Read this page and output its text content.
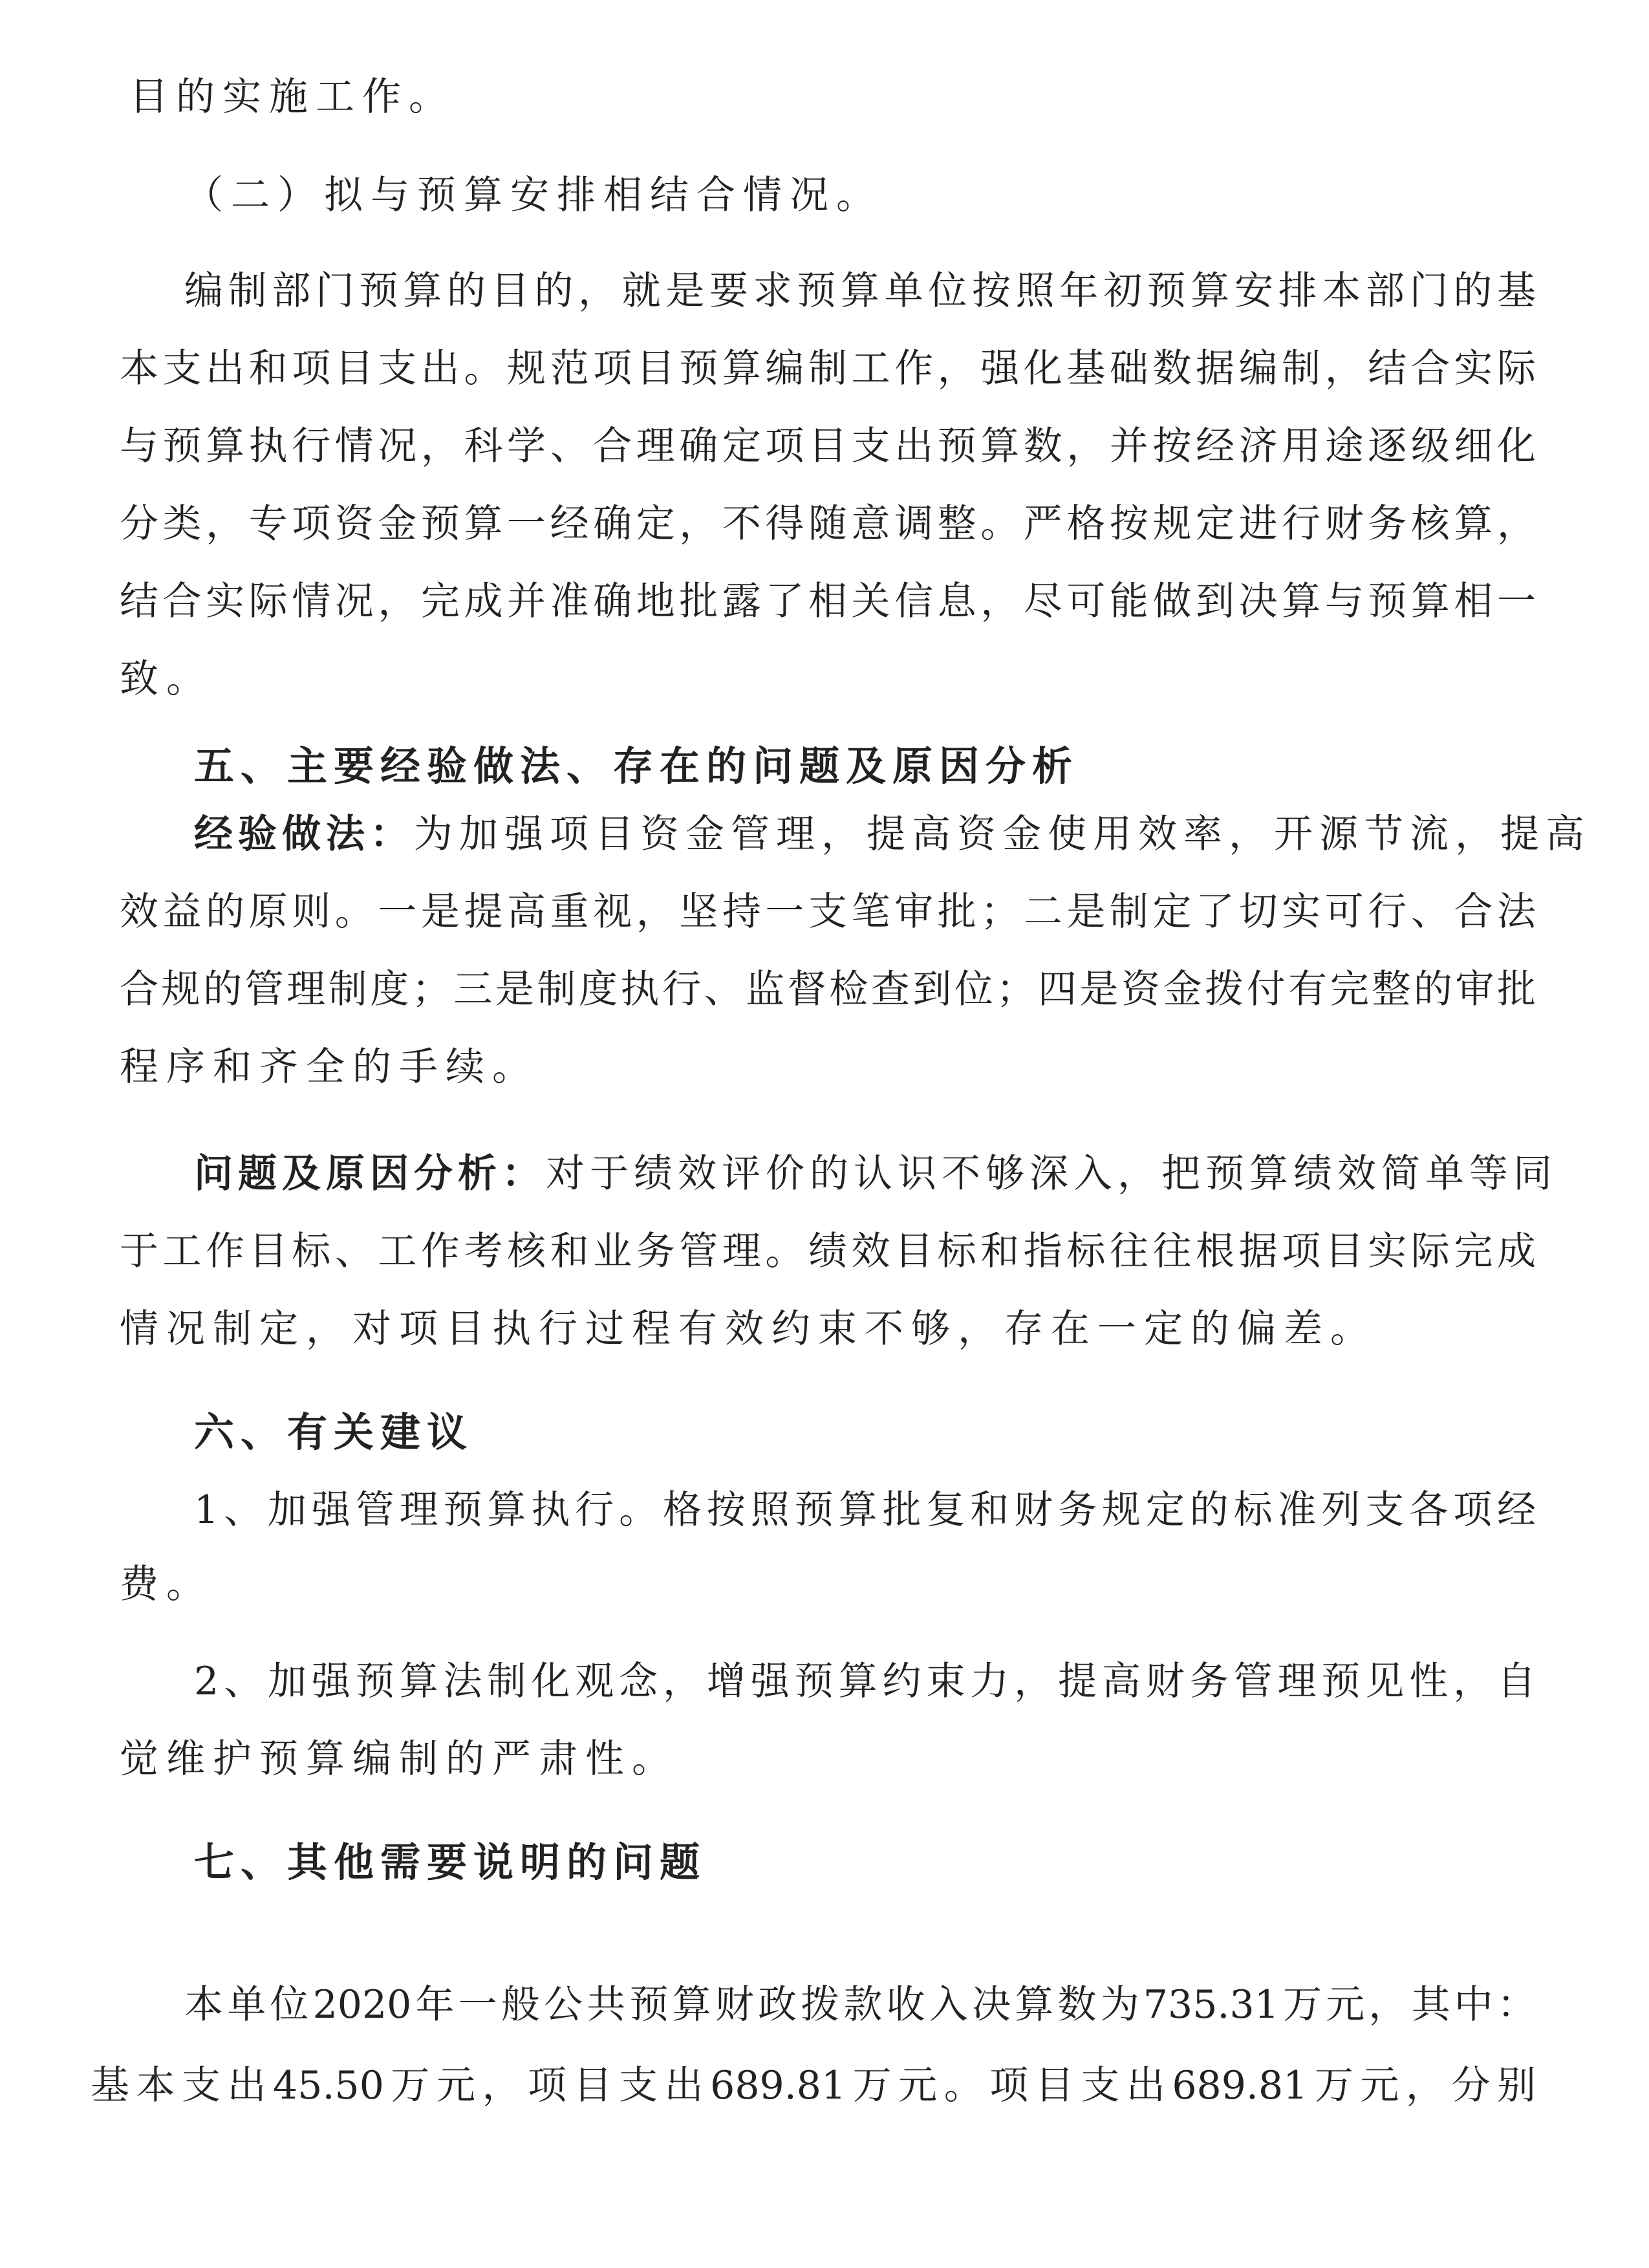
目的实施工作。
（二）拟与预算安排相结合情况。
编制部门预算的目的，就是要求预算单位按照年初预算安排本部门的基
本支出和项目支出。规范项目预算编制工作，强化基础数据编制，结合实际
与预算执行情况，科学、合理确定项目支出预算数，并按经济用途逐级细化
分类，专项资金预算一经确定，不得随意调整。严格按规定进行财务核算，
结合实际情况，完成并准确地批露了相关信息，尽可能做到决算与预算相一
致。
五、主要经验做法、存在的问题及原因分析
经验做法：为加强项目资金管理，提高资金使用效率，开源节流，提高
效益的原则。一是提高重视，坚持一支笔审批；二是制定了切实可行、合法
合规的管理制度；三是制度执行、监督检查到位；四是资金拨付有完整的审批
程序和齐全的手续。
问题及原因分析：对于绩效评价的认识不够深入，把预算绩效简单等同
于工作目标、工作考核和业务管理。绩效目标和指标往往根据项目实际完成
情况制定，对项目执行过程有效约束不够，存在一定的偏差。
六、有关建议
1、加强管理预算执行。格按照预算批复和财务规定的标准列支各项经
费。
2、加强预算法制化观念，增强预算约束力，提高财务管理预见性，自
觉维护预算编制的严肃性。
七、其他需要说明的问题
本单位2020年一般公共预算财政拨款收入决算数为735.31万元，其中：
基本支出45.50万元，项目支出689.81万元。项目支出689.81万元，分别
